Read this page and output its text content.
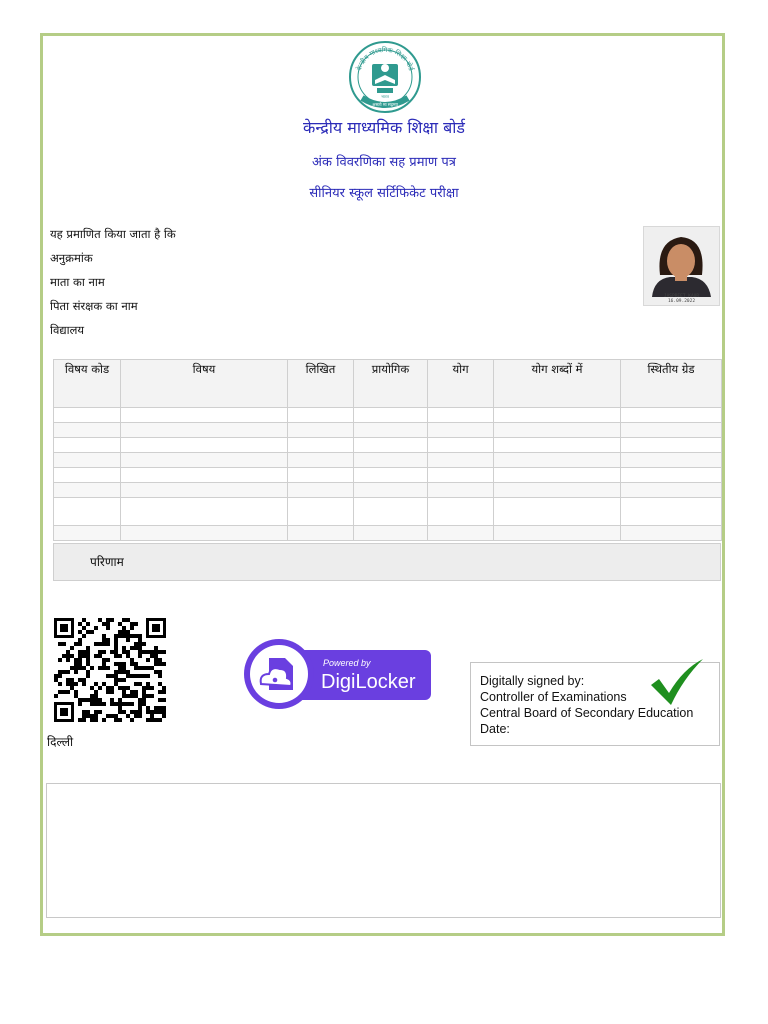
केन्द्रीय माध्यमिक शिक्षा बोर्ड
भारत
असतो मा सद्गमय
केन्द्रीय माध्यमिक शिक्षा बोर्ड
अंक विवरणिका सह प्रमाण पत्र
सीनियर स्कूल सर्टिफिकेट परीक्षा
यह प्रमाणित किया जाता है कि
अनुक्रमांक
माता का नाम
पिता संरक्षक का नाम
विद्यालय
JASPREET KAUR
16.09.2022
विषय कोड	विषय	लिखित	प्रायोगिक	योग	योग शब्दों में	स्थितीय ग्रेड

परिणाम
दिल्ली
Powered by
DigiLocker	Digitally signed by:
Controller of Examinations
Central Board of Secondary Education
Date:
